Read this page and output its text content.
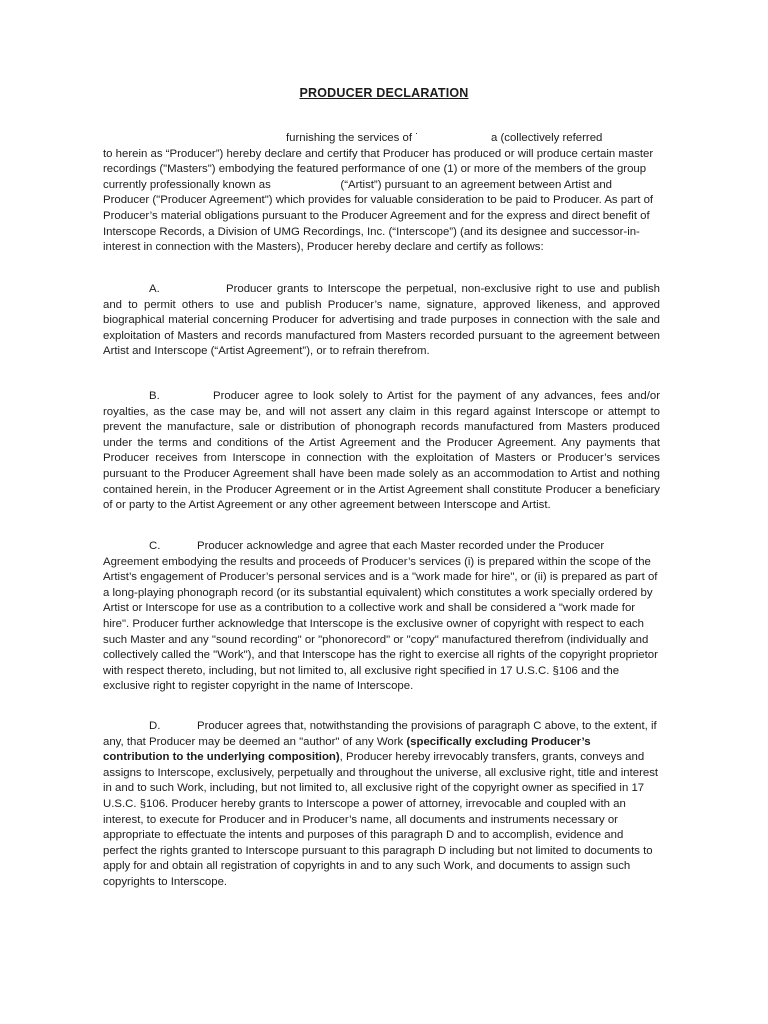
PRODUCER DECLARATION

furnishing the services of ˙	a (collectively referred
to herein as “Producer”) hereby declare and certify that Producer has produced or will produce certain master recordings ("Masters") embodying the featured performance of one (1) or more of the members of the group currently professionally known as                      (“Artist”) pursuant to an agreement between Artist and Producer ("Producer Agreement") which provides for valuable consideration to be paid to Producer. As part of Producer’s material obligations pursuant to the Producer Agreement and for the express and direct benefit of Interscope Records, a Division of UMG Recordings, Inc. (“Interscope”) (and its designee and successor-in-interest in connection with the Masters), Producer hereby declare and certify as follows:

A.	Producer grants to Interscope the perpetual, non-exclusive right to use and publish and to permit others to use and publish Producer’s name, signature, approved likeness, and approved biographical material concerning Producer for advertising and trade purposes in connection with the sale and exploitation of Masters and records manufactured from Masters recorded pursuant to the agreement between Artist and Interscope (“Artist Agreement”), or to refrain therefrom.

B.	Producer agree to look solely to Artist for the payment of any advances, fees and/or royalties, as the case may be, and will not assert any claim in this regard against Interscope or attempt to prevent the manufacture, sale or distribution of phonograph records manufactured from Masters produced under the terms and conditions of the Artist Agreement and the Producer Agreement. Any payments that Producer receives from Interscope in connection with the exploitation of Masters or Producer’s services pursuant to the Producer Agreement shall have been made solely as an accommodation to Artist and nothing contained herein, in the Producer Agreement or in the Artist Agreement shall constitute Producer a beneficiary of or party to the Artist Agreement or any other agreement between Interscope and Artist.

C.	Producer acknowledge and agree that each Master recorded under the Producer Agreement embodying the results and proceeds of Producer’s services (i) is prepared within the scope of the Artist’s engagement of Producer’s personal services and is a "work made for hire", or (ii) is prepared as part of a long-playing phonograph record (or its substantial equivalent) which constitutes a work specially ordered by Artist or Interscope for use as a contribution to a collective work and shall be considered a "work made for hire". Producer further acknowledge that Interscope is the exclusive owner of copyright with respect to each such Master and any "sound recording" or "phonorecord" or "copy" manufactured therefrom (individually and collectively called the "Work"), and that Interscope has the right to exercise all rights of the copyright proprietor with respect thereto, including, but not limited to, all exclusive right specified in 17 U.S.C. §106 and the exclusive right to register copyright in the name of Interscope.

D.	Producer agrees that, notwithstanding the provisions of paragraph C above, to the extent, if any, that Producer may be deemed an "author" of any Work (specifically excluding Producer’s contribution to the underlying composition), Producer hereby irrevocably transfers, grants, conveys and assigns to Interscope, exclusively, perpetually and throughout the universe, all exclusive right, title and interest in and to such Work, including, but not limited to, all exclusive right of the copyright owner as specified in 17 U.S.C. §106. Producer hereby grants to Interscope a power of attorney, irrevocable and coupled with an interest, to execute for Producer and in Producer’s name, all documents and instruments necessary or appropriate to effectuate the intents and purposes of this paragraph D and to accomplish, evidence and perfect the rights granted to Interscope pursuant to this paragraph D including but not limited to documents to apply for and obtain all registration of copyrights in and to any such Work, and documents to assign such copyrights to Interscope.
